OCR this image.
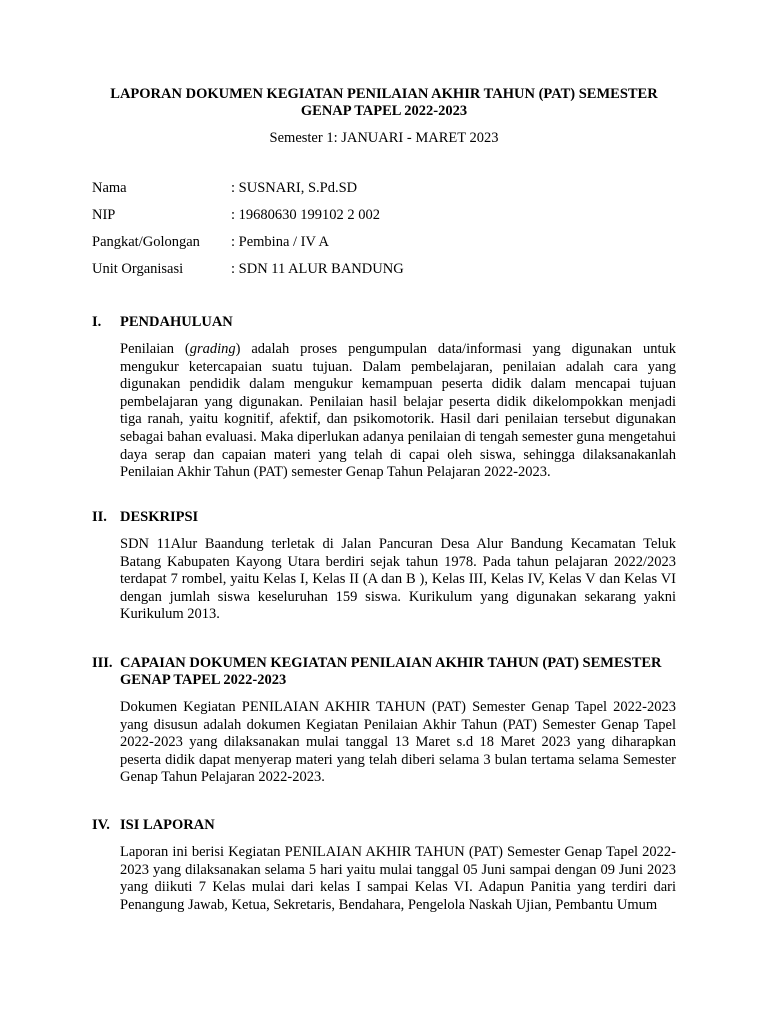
LAPORAN DOKUMEN KEGIATAN PENILAIAN AKHIR TAHUN (PAT) SEMESTER GENAP TAPEL 2022-2023
Semester 1: JANUARI - MARET 2023
Nama	: SUSNARI, S.Pd.SD
NIP	: 19680630 199102 2 002
Pangkat/Golongan : Pembina / IV A
Unit Organisasi	: SDN 11 ALUR BANDUNG
I. PENDAHULUAN

Penilaian (grading) adalah proses pengumpulan data/informasi yang digunakan untuk mengukur ketercapaian suatu tujuan. Dalam pembelajaran, penilaian adalah cara yang digunakan pendidik dalam mengukur kemampuan peserta didik dalam mencapai tujuan pembelajaran yang digunakan. Penilaian hasil belajar peserta didik dikelompokkan menjadi tiga ranah, yaitu kognitif, afektif, dan psikomotorik. Hasil dari penilaian tersebut digunakan sebagai bahan evaluasi. Maka diperlukan adanya penilaian di tengah semester guna mengetahui daya serap dan capaian materi yang telah di capai oleh siswa, sehingga dilaksanakanlah Penilaian Akhir Tahun (PAT) semester Genap Tahun Pelajaran 2022-2023.

II. DESKRIPSI

SDN 11Alur Baandung terletak di Jalan Pancuran Desa Alur Bandung Kecamatan Teluk Batang Kabupaten Kayong Utara berdiri sejak tahun 1978. Pada tahun pelajaran 2022/2023 terdapat 7 rombel, yaitu Kelas I, Kelas II (A dan B ), Kelas III, Kelas IV, Kelas V dan Kelas VI dengan jumlah siswa keseluruhan 159 siswa. Kurikulum yang digunakan sekarang yakni Kurikulum 2013.

III. CAPAIAN DOKUMEN KEGIATAN PENILAIAN AKHIR TAHUN (PAT) SEMESTER GENAP TAPEL 2022-2023

Dokumen Kegiatan PENILAIAN AKHIR TAHUN (PAT) Semester Genap Tapel 2022-2023 yang disusun adalah dokumen Kegiatan Penilaian Akhir Tahun (PAT) Semester Genap Tapel 2022-2023 yang dilaksanakan mulai tanggal 13 Maret s.d 18 Maret 2023 yang diharapkan peserta didik dapat menyerap materi yang telah diberi selama 3 bulan tertama selama Semester Genap Tahun Pelajaran 2022-2023.

IV. ISI LAPORAN

Laporan ini berisi Kegiatan PENILAIAN AKHIR TAHUN (PAT) Semester Genap Tapel 2022-2023 yang dilaksanakan selama 5 hari yaitu mulai tanggal 05 Juni sampai dengan 09 Juni 2023 yang diikuti 7 Kelas mulai dari kelas I sampai Kelas VI. Adapun Panitia yang terdiri dari Penangung Jawab, Ketua, Sekretaris, Bendahara, Pengelola Naskah Ujian, Pembantu Umum
